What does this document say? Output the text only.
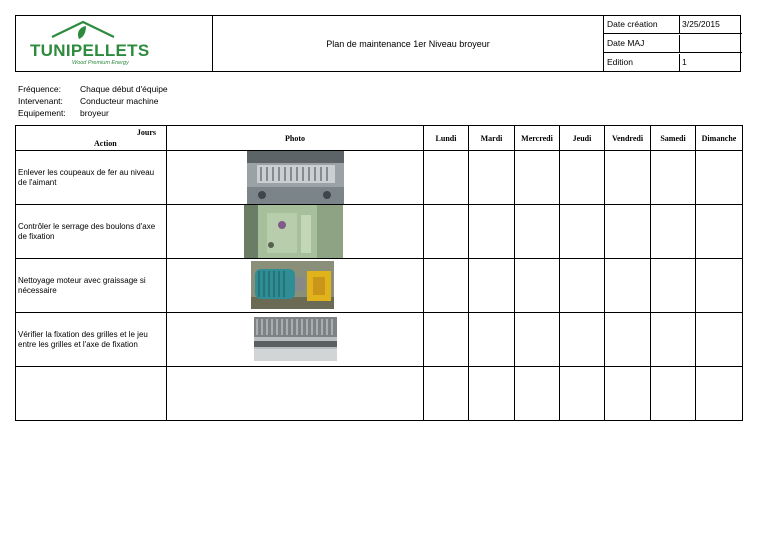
TUNIPELLETS
Wood Premium Energy
Plan de maintenance 1er Niveau broyeur
Date création	3/25/2015
Date MAJ
Edition	1
Fréquence: Chaque début d'équipe
Intervenant: Conducteur machine
Equipement: broyeur
Jours
Action	Photo	Lundi	Mardi	Mercredi	Jeudi	Vendredi	Samedi	Dimanche
Enlever les coupeaux de fer au niveau de l'aimant	

Contrôler le serrage des boulons d'axe de fixation	

Nettoyage moteur avec graissage si nécessaire	

Vérifier la fixation des grilles et le jeu entre les grilles et l'axe de fixation	
